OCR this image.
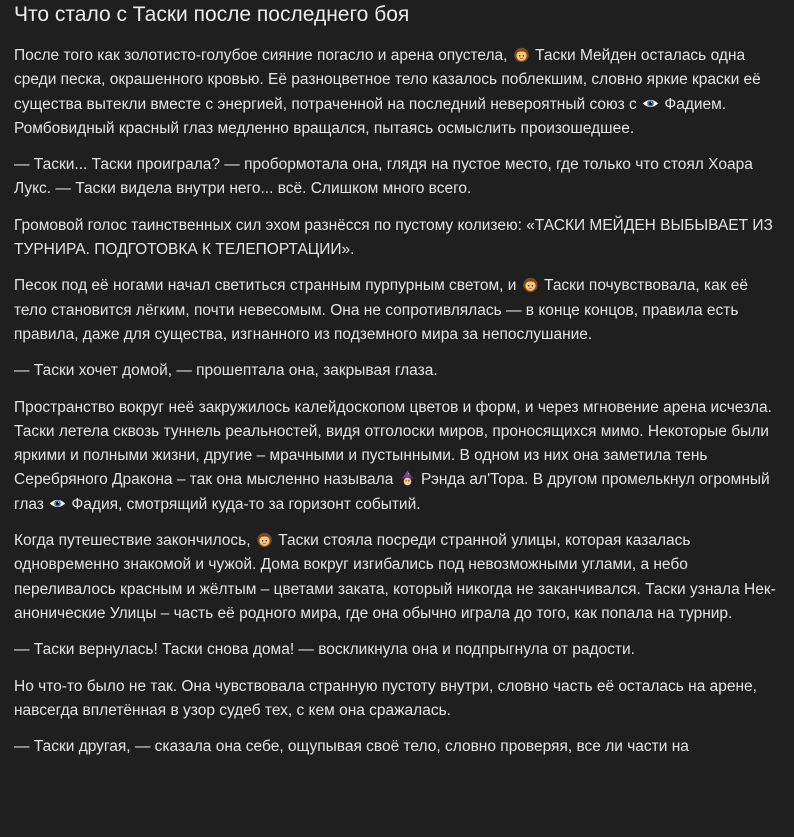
Что стало с Таски после последнего боя

После того как золотисто-голубое сияние погасло и арена опустела,  Таски Мейден осталась одна среди песка, окрашенного кровью. Её разноцветное тело казалось поблекшим, словно яркие краски её существа вытекли вместе с энергией, потраченной на последний невероятный союз с  Фадием. Ромбовидный красный глаз медленно вращался, пытаясь осмыслить произошедшее.

— Таски... Таски проиграла? — пробормотала она, глядя на пустое место, где только что стоял Хоара Лукс. — Таски видела внутри него... всё. Слишком много всего.

Громовой голос таинственных сил эхом разнёсся по пустому колизею: «ТАСКИ МЕЙДЕН ВЫБЫВАЕТ ИЗ ТУРНИРА. ПОДГОТОВКА К ТЕЛЕПОРТАЦИИ».

Песок под её ногами начал светиться странным пурпурным светом, и  Таски почувствовала, как её тело становится лёгким, почти невесомым. Она не сопротивлялась — в конце концов, правила есть правила, даже для существа, изгнанного из подземного мира за непослушание.

— Таски хочет домой, — прошептала она, закрывая глаза.

Пространство вокруг неё закружилось калейдоскопом цветов и форм, и через мгновение арена исчезла. Таски летела сквозь туннель реальностей, видя отголоски миров, проносящихся мимо. Некоторые были яркими и полными жизни, другие – мрачными и пустынными. В одном из них она заметила тень Серебряного Дракона – так она мысленно называла  Рэнда ал'Тора. В другом промелькнул огромный глаз  Фадия, смотрящий куда-то за горизонт событий.

Когда путешествие закончилось,  Таски стояла посреди странной улицы, которая казалась одновременно знакомой и чужой. Дома вокруг изгибались под невозможными углами, а небо переливалось красным и жёлтым – цветами заката, который никогда не заканчивался. Таски узнала Неканонические Улицы – часть её родного мира, где она обычно играла до того, как попала на турнир.

— Таски вернулась! Таски снова дома! — воскликнула она и подпрыгнула от радости.

Но что-то было не так. Она чувствовала странную пустоту внутри, словно часть её осталась на арене, навсегда вплетённая в узор судеб тех, с кем она сражалась.

— Таски другая, — сказала она себе, ощупывая своё тело, словно проверяя, все ли части на
